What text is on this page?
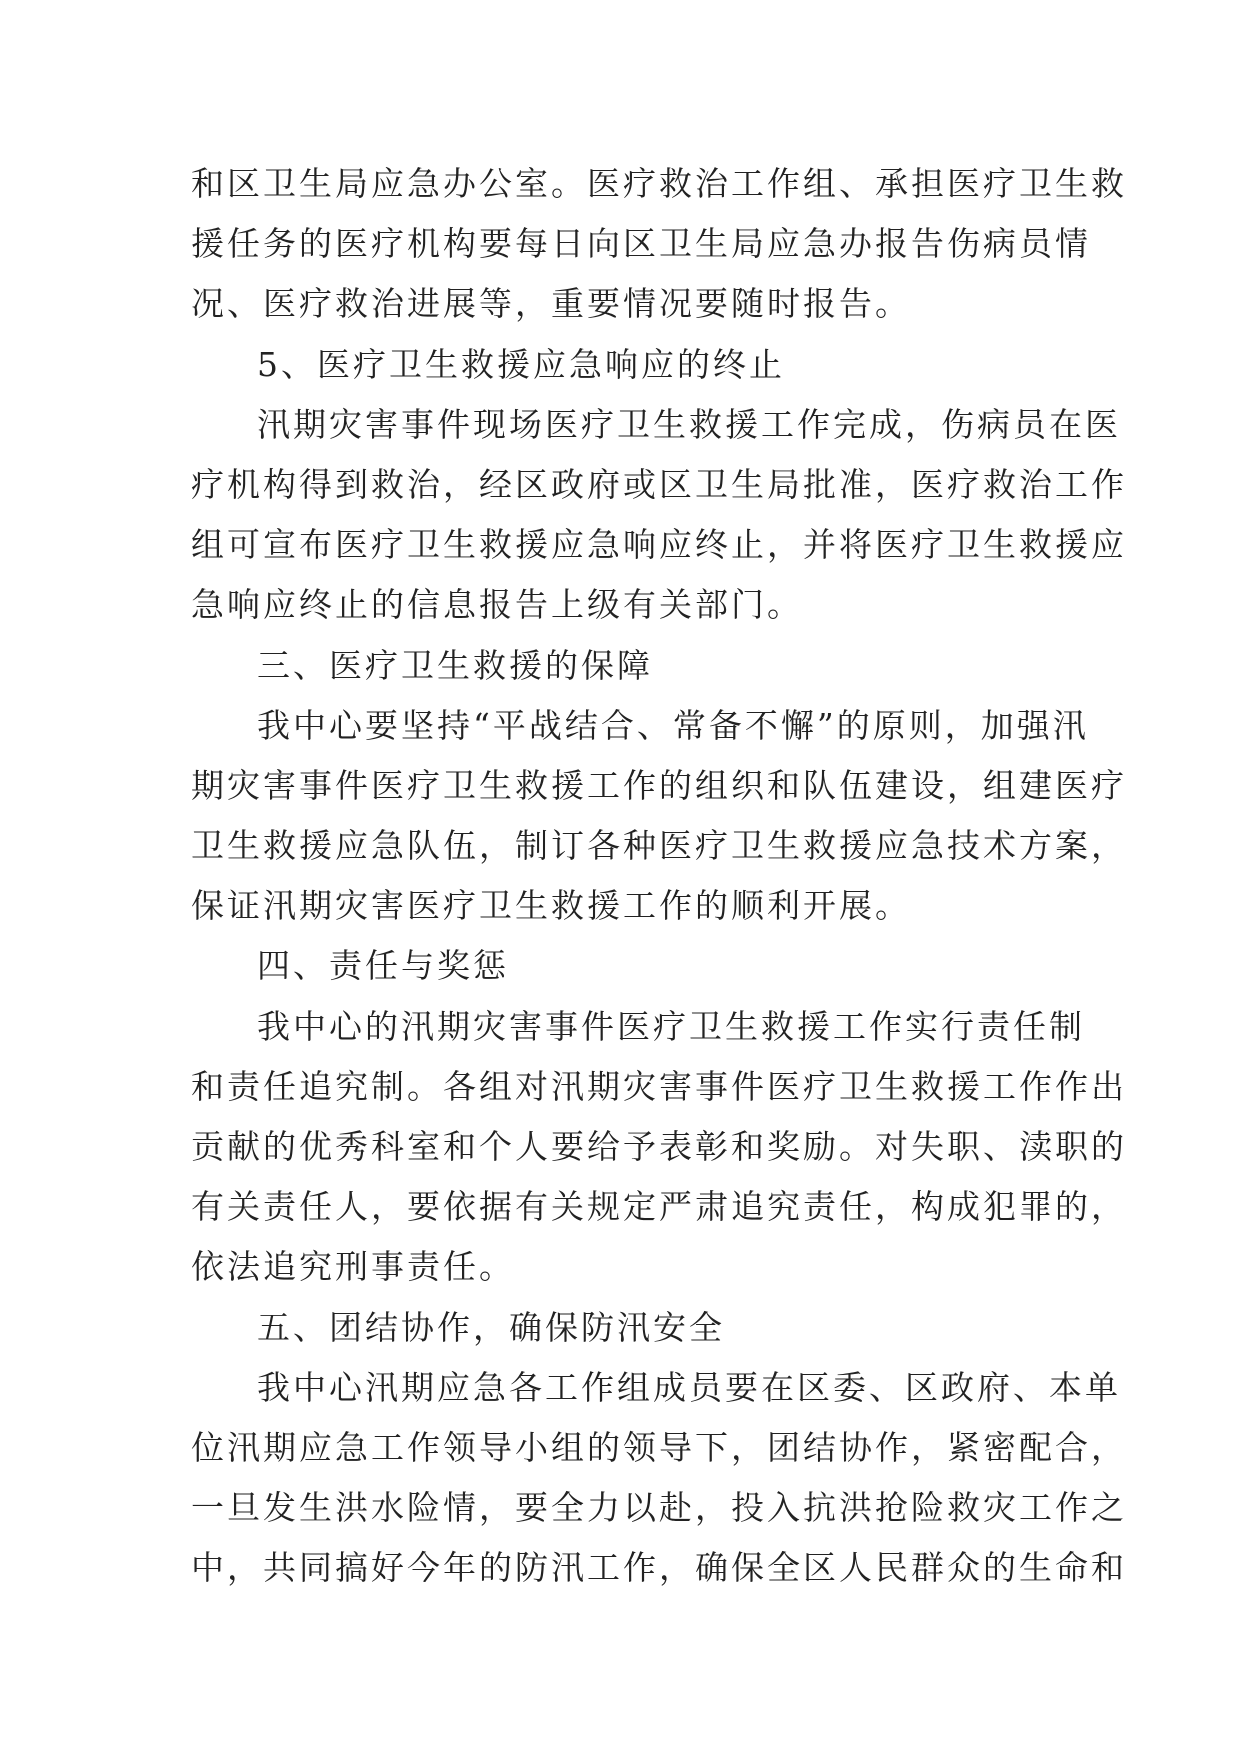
和区卫生局应急办公室。医疗救治工作组、承担医疗卫生救
援任务的医疗机构要每日向区卫生局应急办报告伤病员情
况、医疗救治进展等，重要情况要随时报告。
5、医疗卫生救援应急响应的终止
汛期灾害事件现场医疗卫生救援工作完成，伤病员在医
疗机构得到救治，经区政府或区卫生局批准，医疗救治工作
组可宣布医疗卫生救援应急响应终止，并将医疗卫生救援应
急响应终止的信息报告上级有关部门。
三、医疗卫生救援的保障
我中心要坚持“平战结合、常备不懈”的原则，加强汛
期灾害事件医疗卫生救援工作的组织和队伍建设，组建医疗
卫生救援应急队伍，制订各种医疗卫生救援应急技术方案，
保证汛期灾害医疗卫生救援工作的顺利开展。
四、责任与奖惩
我中心的汛期灾害事件医疗卫生救援工作实行责任制
和责任追究制。各组对汛期灾害事件医疗卫生救援工作作出
贡献的优秀科室和个人要给予表彰和奖励。对失职、渎职的
有关责任人，要依据有关规定严肃追究责任，构成犯罪的，
依法追究刑事责任。
五、团结协作，确保防汛安全
我中心汛期应急各工作组成员要在区委、区政府、本单
位汛期应急工作领导小组的领导下，团结协作，紧密配合，
一旦发生洪水险情，要全力以赴，投入抗洪抢险救灾工作之
中，共同搞好今年的防汛工作，确保全区人民群众的生命和
